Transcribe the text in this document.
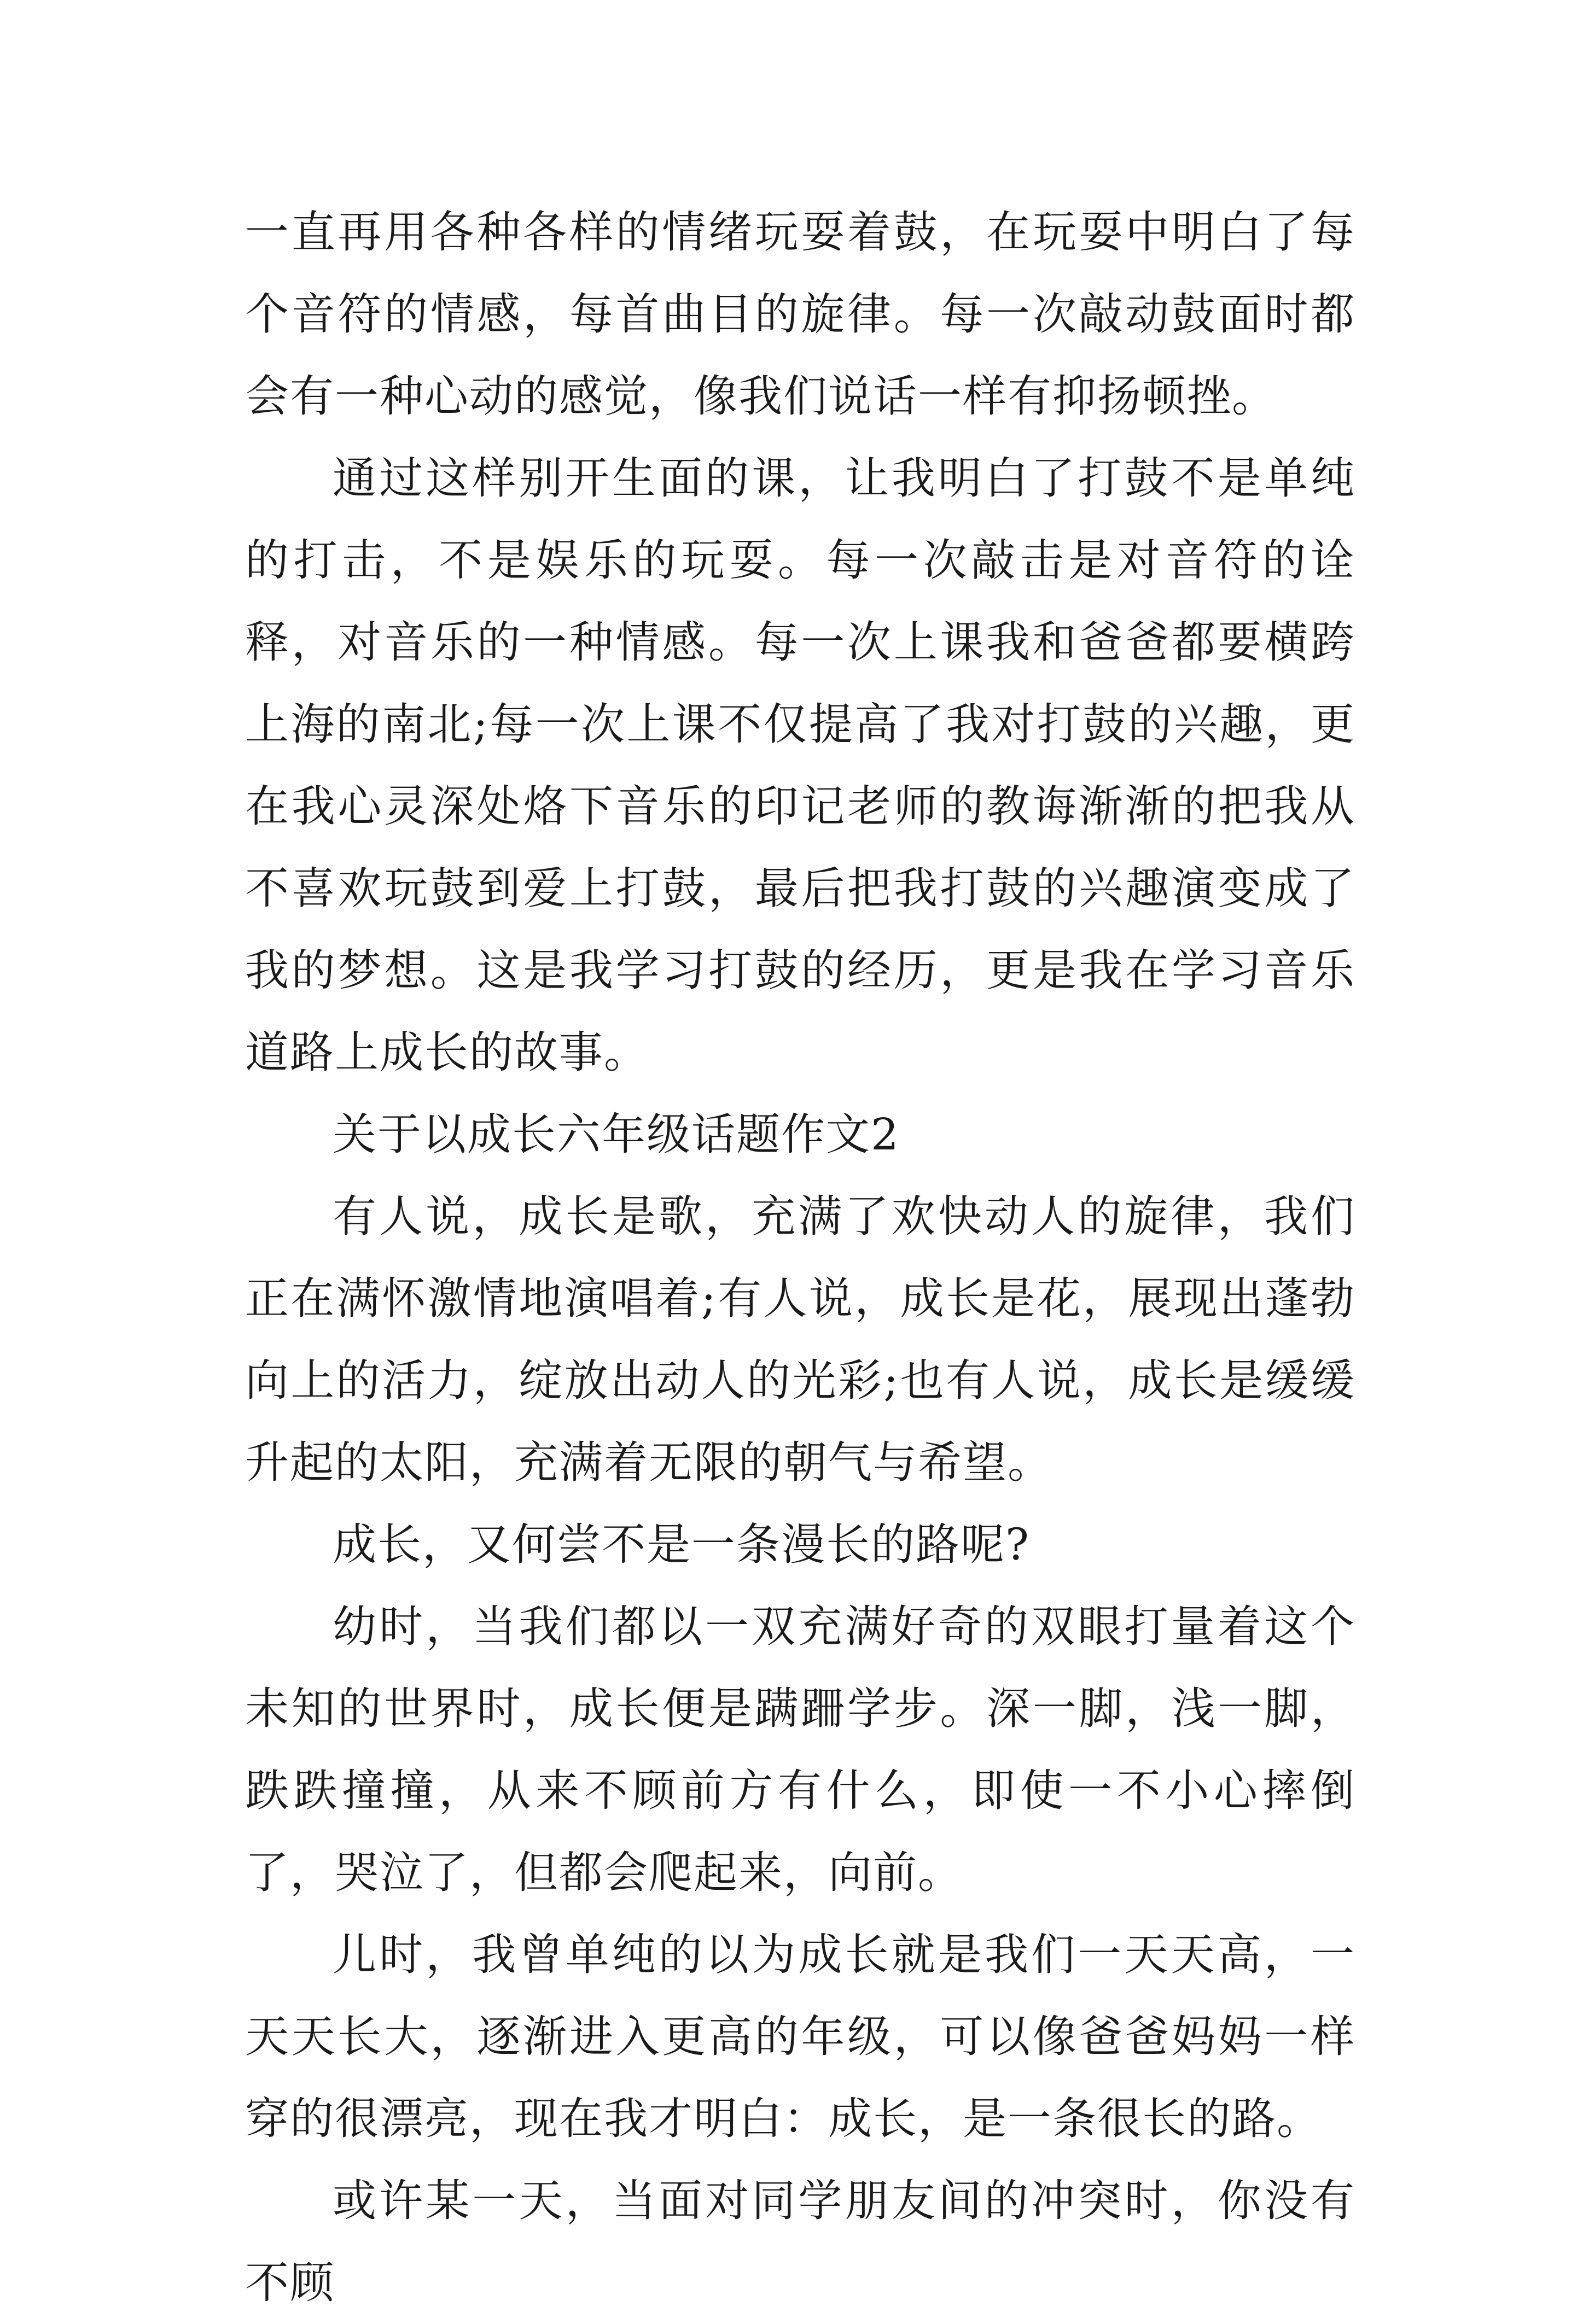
一直再用各种各样的情绪玩耍着鼓，在玩耍中明白了每个音符的情感，每首曲目的旋律。每一次敲动鼓面时都会有一种心动的感觉，像我们说话一样有抑扬顿挫。

通过这样别开生面的课，让我明白了打鼓不是单纯的打击，不是娱乐的玩耍。每一次敲击是对音符的诠释，对音乐的一种情感。每一次上课我和爸爸都要横跨上海的南北;每一次上课不仅提高了我对打鼓的兴趣，更在我心灵深处烙下音乐的印记老师的教诲渐渐的把我从不喜欢玩鼓到爱上打鼓，最后把我打鼓的兴趣演变成了我的梦想。这是我学习打鼓的经历，更是我在学习音乐道路上成长的故事。

关于以成长六年级话题作文2

有人说，成长是歌，充满了欢快动人的旋律，我们正在满怀激情地演唱着;有人说，成长是花，展现出蓬勃向上的活力，绽放出动人的光彩;也有人说，成长是缓缓升起的太阳，充满着无限的朝气与希望。

成长，又何尝不是一条漫长的路呢?

幼时，当我们都以一双充满好奇的双眼打量着这个未知的世界时，成长便是蹒跚学步。深一脚，浅一脚，跌跌撞撞，从来不顾前方有什么，即使一不小心摔倒了，哭泣了，但都会爬起来，向前。

儿时，我曾单纯的以为成长就是我们一天天高，一天天长大，逐渐进入更高的年级，可以像爸爸妈妈一样穿的很漂亮，现在我才明白：成长，是一条很长的路。

或许某一天，当面对同学朋友间的冲突时，你没有不顾
